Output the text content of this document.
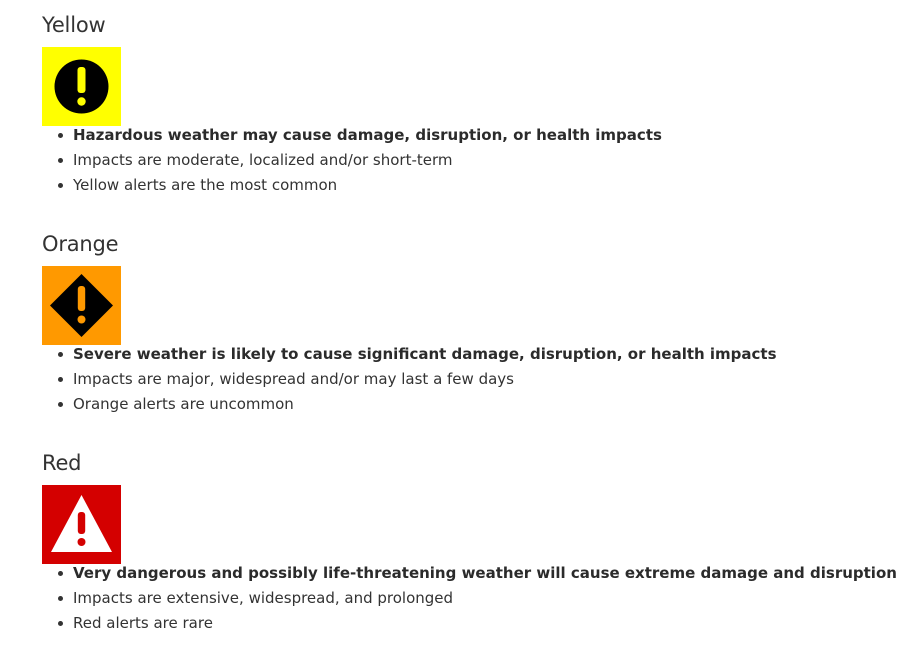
Yellow
Hazardous weather may cause damage, disruption, or health impacts
Impacts are moderate, localized and/or short-term
Yellow alerts are the most common
Orange
Severe weather is likely to cause significant damage, disruption, or health impacts
Impacts are major, widespread and/or may last a few days
Orange alerts are uncommon
Red
Very dangerous and possibly life-threatening weather will cause extreme damage and disruption
Impacts are extensive, widespread, and prolonged
Red alerts are rare
